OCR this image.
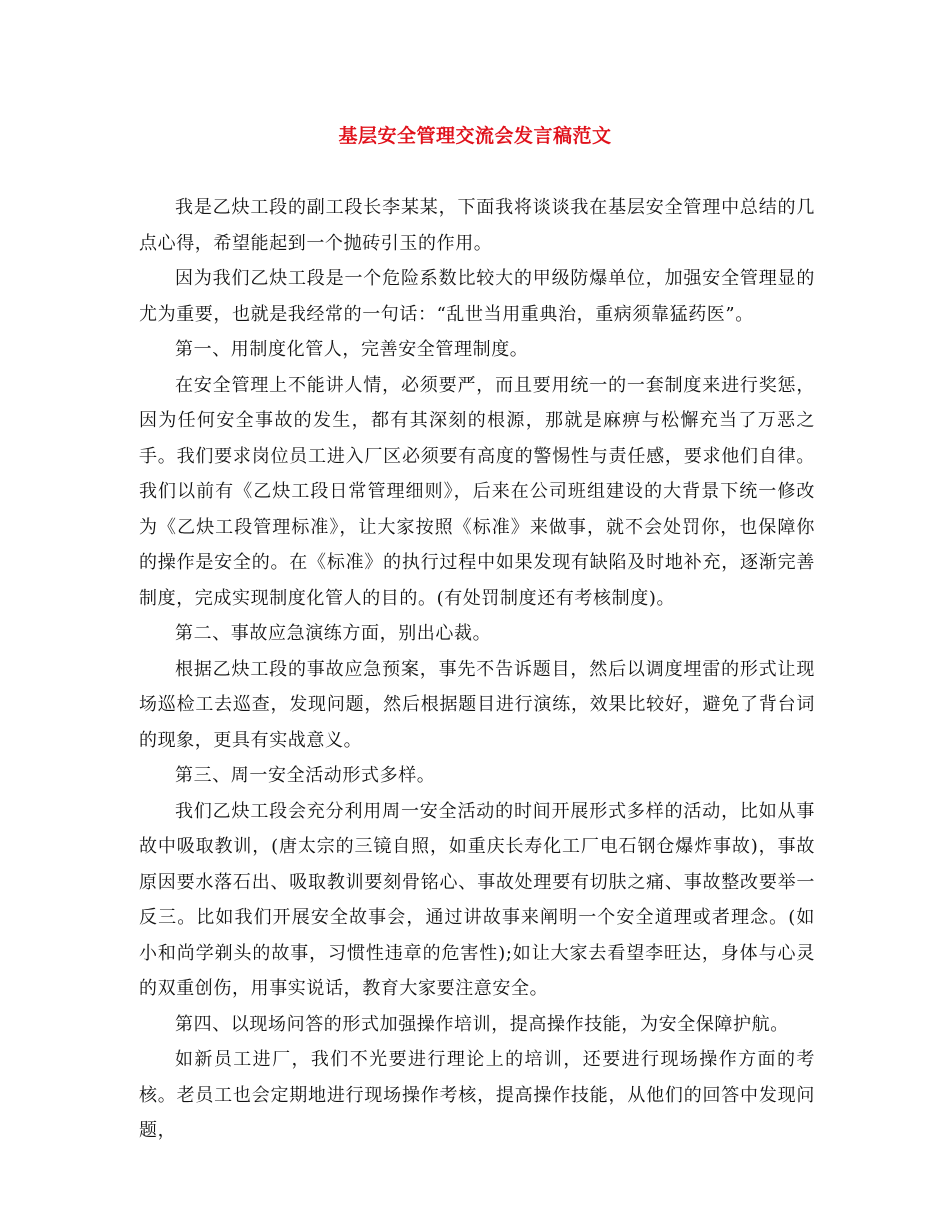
基层安全管理交流会发言稿范文

我是乙炔工段的副工段长李某某，下面我将谈谈我在基层安全管理中总结的几点心得，希望能起到一个抛砖引玉的作用。

因为我们乙炔工段是一个危险系数比较大的甲级防爆单位，加强安全管理显的尤为重要，也就是我经常的一句话：“乱世当用重典治，重病须靠猛药医”。

第一、用制度化管人，完善安全管理制度。

在安全管理上不能讲人情，必须要严，而且要用统一的一套制度来进行奖惩，因为任何安全事故的发生，都有其深刻的根源，那就是麻痹与松懈充当了万恶之手。我们要求岗位员工进入厂区必须要有高度的警惕性与责任感，要求他们自律。我们以前有《乙炔工段日常管理细则》，后来在公司班组建设的大背景下统一修改为《乙炔工段管理标准》，让大家按照《标准》来做事，就不会处罚你，也保障你的操作是安全的。在《标准》的执行过程中如果发现有缺陷及时地补充，逐渐完善制度，完成实现制度化管人的目的。(有处罚制度还有考核制度)。

第二、事故应急演练方面，别出心裁。

根据乙炔工段的事故应急预案，事先不告诉题目，然后以调度埋雷的形式让现场巡检工去巡查，发现问题，然后根据题目进行演练，效果比较好，避免了背台词的现象，更具有实战意义。

第三、周一安全活动形式多样。

我们乙炔工段会充分利用周一安全活动的时间开展形式多样的活动，比如从事故中吸取教训，(唐太宗的三镜自照，如重庆长寿化工厂电石钢仓爆炸事故)，事故原因要水落石出、吸取教训要刻骨铭心、事故处理要有切肤之痛、事故整改要举一反三。比如我们开展安全故事会，通过讲故事来阐明一个安全道理或者理念。(如小和尚学剃头的故事，习惯性违章的危害性);如让大家去看望李旺达，身体与心灵的双重创伤，用事实说话，教育大家要注意安全。

第四、以现场问答的形式加强操作培训，提高操作技能，为安全保障护航。

如新员工进厂，我们不光要进行理论上的培训，还要进行现场操作方面的考核。老员工也会定期地进行现场操作考核，提高操作技能，从他们的回答中发现问题，
